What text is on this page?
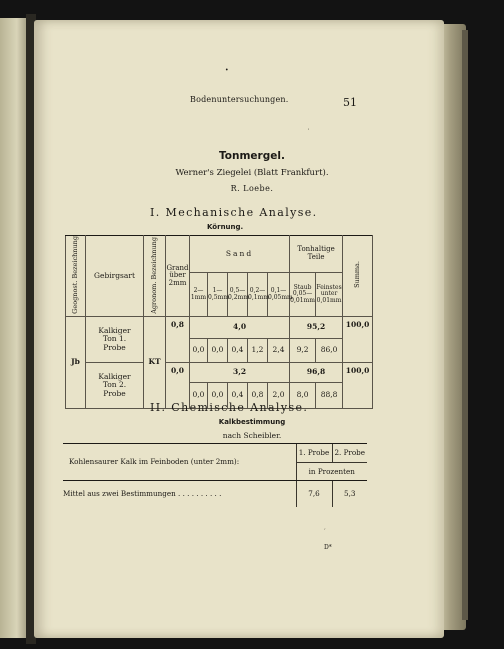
•
'
‘
Bodenuntersuchungen.	51
Tonmergel.
Werner's Ziegelei (Blatt Frankfurt).
R. Loebe.
I. Mechanische Analyse.
Körnung.
Geognost. Bezeichnung	Gebirgsart	Agronom. Bezeichnung	Grand über 2mm	Sand					Tonhaltige Teile		Summa.
				2—1mm	1—0,5mm	0,5—0,2mm	0,2—0,1mm	0,1—0,05mm	Staub 0,05—0,01mm	Feinstes unter 0,01mm	
Jb	Kalkiger Ton 1. Probe	KT	0,8	4,0					95,2		100,0
				0,0	0,0	0,4	1,2	2,4	9,2	86,0	
	Kalkiger Ton 2. Probe		0,0	3,2					96,8		100,0
				0,0	0,0	0,4	0,8	2,0	8,0	88,8	
II. Chemische Analyse.
Kalkbestimmung
nach Scheibler.
Kohlensaurer Kalk im Feinboden (unter 2mm):	1. Probe	2. Probe
	in Prozenten	
Mittel aus zwei Bestimmungen . . . . . . . . . .	7,6	5,3
D*
